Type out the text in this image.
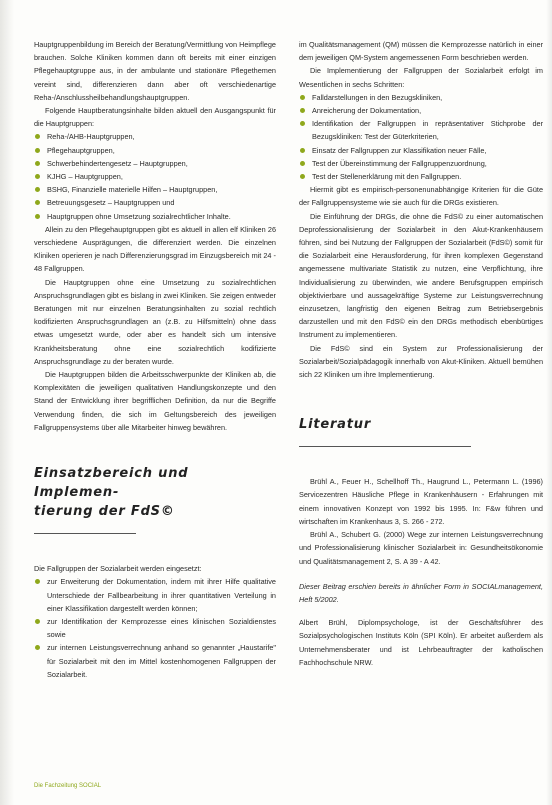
Hauptgruppenbildung im Bereich der Beratung/Vermittlung von Heimpflege brauchen. Solche Kliniken kommen dann oft bereits mit einer einzigen Pflegehauptgruppe aus, in der ambulante und stationäre Pflegethemen vereint sind, differenzieren dann aber oft verschiedenartige Reha-/Anschlussheilbehandlungshauptgruppen.

Folgende Hauptberatungsinhalte bilden aktuell den Ausgangspunkt für die Hauptgruppen:

Reha-/AHB-Hauptgruppen,
Pflegehauptgruppen,
Schwerbehindertengesetz – Hauptgruppen,
KJHG – Hauptgruppen,
BSHG, Finanzielle materielle Hilfen – Hauptgruppen,
Betreuungsgesetz – Hauptgruppen und
Hauptgruppen ohne Umsetzung sozialrechtlicher Inhalte.

Allein zu den Pflegehauptgruppen gibt es aktuell in allen elf Kliniken 26 verschiedene Ausprägungen, die differenziert werden. Die einzelnen Kliniken operieren je nach Differenzierungsgrad im Einzugsbereich mit 24 - 48 Fallgruppen.

Die Hauptgruppen ohne eine Umsetzung zu sozialrechtlichen Anspruchsgrundlagen gibt es bislang in zwei Kliniken. Sie zeigen entweder Beratungen mit nur einzelnen Beratungsinhalten zu sozial rechtlich kodifizierten Anspruchsgrundlagen an (z.B. zu Hilfsmitteln) ohne dass etwas umgesetzt wurde, oder aber es handelt sich um intensive Krankheitsberatung ohne eine sozialrechtlich kodifizierte Anspruchsgrundlage zu der beraten wurde.

Die Hauptgruppen bilden die Arbeitsschwerpunkte der Kliniken ab, die Komplexitäten die jeweiligen qualitativen Handlungskonzepte und den Stand der Entwicklung ihrer begrifflichen Definition, da nur die Begriffe Verwendung finden, die sich im Geltungsbereich des jeweiligen Fallgruppensystems über alle Mitarbeiter hinweg bewähren.

Einsatzbereich und Implemen-
tierung der FdS©

Die Fallgruppen der Sozialarbeit werden eingesetzt:

zur Erweiterung der Dokumentation, indem mit ihrer Hilfe qualitative Unterschiede der Fallbearbeitung in ihrer quantitativen Verteilung in einer Klassifikation dargestellt werden können;
zur Identifikation der Kernprozesse eines klinischen Sozialdienstes sowie
zur internen Leistungsverrechnung anhand so genannter „Haustarife" für Sozialarbeit mit den im Mittel kostenhomogenen Fallgruppen der Sozialarbeit.

im Qualitätsmanagement (QM) müssen die Kernprozesse natürlich in einer dem jeweiligen QM-System angemessenen Form beschrieben werden.

Die Implementierung der Fallgruppen der Sozialarbeit erfolgt im Wesentlichen in sechs Schritten:

Falldarstellungen in den Bezugskliniken,
Anreicherung der Dokumentation,
Identifikation der Fallgruppen in repräsentativer Stichprobe der Bezugskliniken: Test der Güterkriterien,
Einsatz der Fallgruppen zur Klassifikation neuer Fälle,
Test der Übereinstimmung der Fallgruppenzuordnung,
Test der Stellenerklärung mit den Fallgruppen.

Hiermit gibt es empirisch-personenunabhängige Kriterien für die Güte der Fallgruppensysteme wie sie auch für die DRGs existieren.

Die Einführung der DRGs, die ohne die FdS© zu einer automatischen Deprofessionalisierung der Sozialarbeit in den Akut-Krankenhäusern führen, sind bei Nutzung der Fallgruppen der Sozialarbeit (FdS©) somit für die Sozialarbeit eine Herausforderung, für ihren komplexen Gegenstand angemessene multivariate Statistik zu nutzen, eine Verpflichtung, ihre Individualisierung zu überwinden, wie andere Berufsgruppen empirisch objektivierbare und aussagekräftige Systeme zur Leistungsverrechnung einzusetzen, langfristig den eigenen Beitrag zum Betriebsergebnis darzustellen und mit den FdS© ein den DRGs methodisch ebenbürtiges Instrument zu implementieren.

Die FdS© sind ein System zur Professionalisierung der Sozialarbeit/Sozialpädagogik innerhalb von Akut-Kliniken. Aktuell bemühen sich 22 Kliniken um ihre Implementierung.

Literatur

Brühl A., Feuer H., Schellhoff Th., Haugrund L., Petermann L. (1996) Servicezentren Häusliche Pflege in Krankenhäusern - Erfahrungen mit einem innovativen Konzept von 1992 bis 1995. In: F&w führen und wirtschaften im Krankenhaus 3, S. 266 - 272.

Brühl A., Schubert G. (2000) Wege zur internen Leistungsverrechnung und Professionalisierung klinischer Sozialarbeit in: Gesundheitsökonomie und Qualitätsmanagement 2, S. A 39 - A 42.

Dieser Beitrag erschien bereits in ähnlicher Form in SOCIALmanagement, Heft 5/2002.

Albert Brühl, Diplompsychologe, ist der Geschäftsführer des Sozialpsychologischen Instituts Köln (SPI Köln). Er arbeitet außerdem als Unternehmensberater und ist Lehrbeauftragter der katholischen Fachhochschule NRW.

Die Fachzeitung SOCIAL
